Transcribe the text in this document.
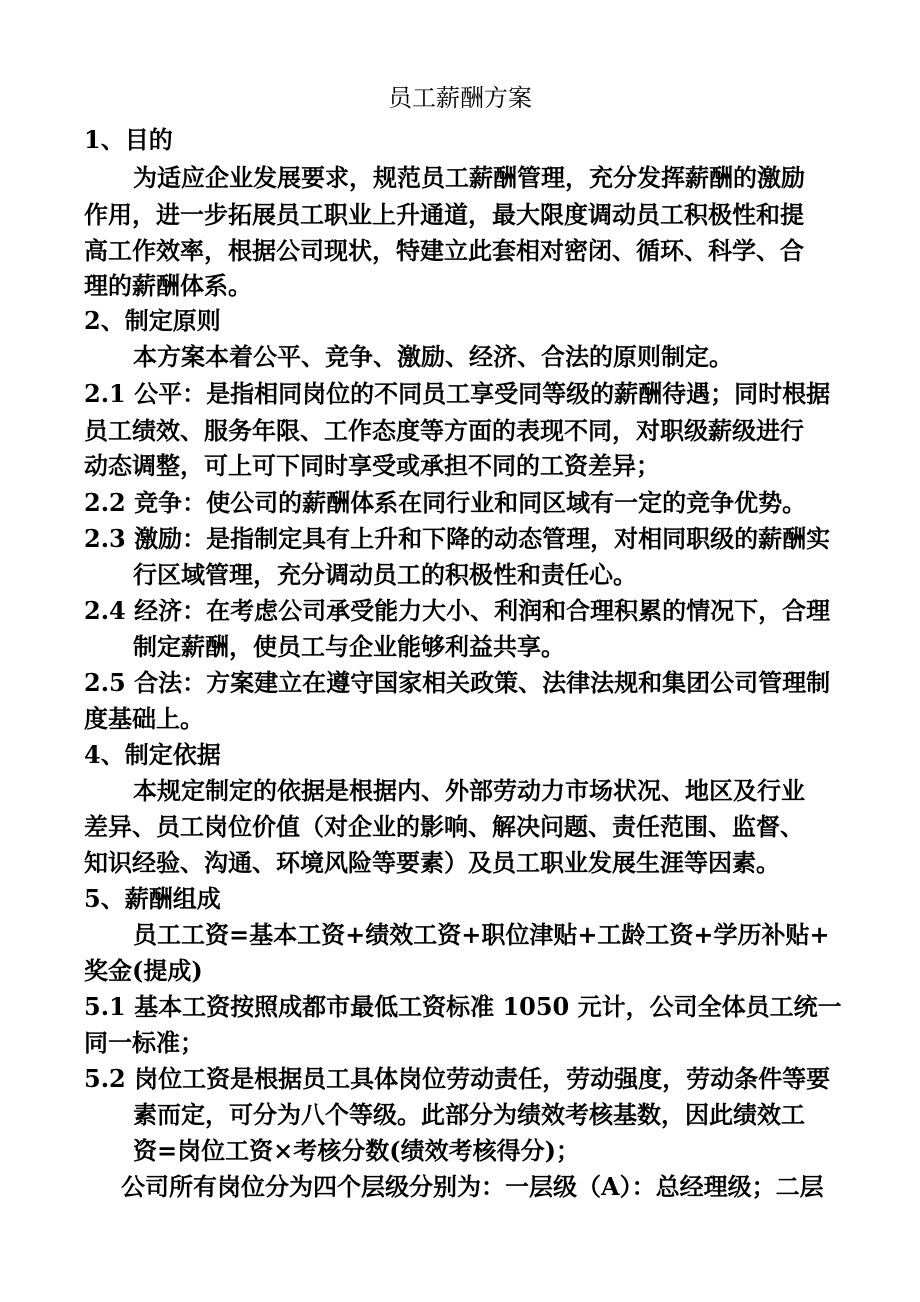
员工薪酬方案
1、目的
为适应企业发展要求，规范员工薪酬管理，充分发挥薪酬的激励
作用，进一步拓展员工职业上升通道，最大限度调动员工积极性和提
高工作效率，根据公司现状，特建立此套相对密闭、循环、科学、合
理的薪酬体系。
2、制定原则
本方案本着公平、竞争、激励、经济、合法的原则制定。
2.1 公平：是指相同岗位的不同员工享受同等级的薪酬待遇；同时根据
员工绩效、服务年限、工作态度等方面的表现不同，对职级薪级进行
动态调整，可上可下同时享受或承担不同的工资差异；
2.2 竞争：使公司的薪酬体系在同行业和同区域有一定的竞争优势。
2.3 激励：是指制定具有上升和下降的动态管理，对相同职级的薪酬实
行区域管理，充分调动员工的积极性和责任心。
2.4 经济：在考虑公司承受能力大小、利润和合理积累的情况下，合理
制定薪酬，使员工与企业能够利益共享。
2.5 合法：方案建立在遵守国家相关政策、法律法规和集团公司管理制
度基础上。
4、制定依据
本规定制定的依据是根据内、外部劳动力市场状况、地区及行业
差异、员工岗位价值（对企业的影响、解决问题、责任范围、监督、
知识经验、沟通、环境风险等要素）及员工职业发展生涯等因素。
5、薪酬组成
员工工资=基本工资+绩效工资+职位津贴+工龄工资+学历补贴+
奖金(提成)
5.1 基本工资按照成都市最低工资标准 1050 元计，公司全体员工统一
同一标准；
5.2 岗位工资是根据员工具体岗位劳动责任，劳动强度，劳动条件等要
素而定，可分为八个等级。此部分为绩效考核基数，因此绩效工
资=岗位工资×考核分数(绩效考核得分)；
公司所有岗位分为四个层级分别为：一层级（A）：总经理级；二层
